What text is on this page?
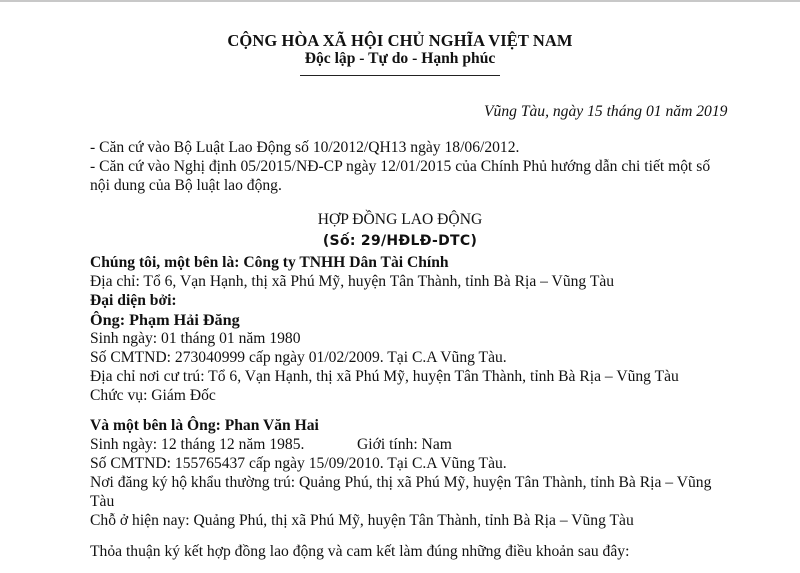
CỘNG HÒA XÃ HỘI CHỦ NGHĨA VIỆT NAM
Độc lập - Tự do - Hạnh phúc
Vũng Tàu, ngày 15 tháng 01 năm 2019
- Căn cứ vào Bộ Luật Lao Động số 10/2012/QH13 ngày 18/06/2012.
- Căn cứ vào Nghị định 05/2015/NĐ-CP ngày 12/01/2015 của Chính Phủ hướng dẫn chi tiết một số
nội dung của Bộ luật lao động.
HỢP ĐỒNG LAO ĐỘNG
(Số: 29/HĐLĐ-DTC)
Chúng tôi, một bên là: Công ty TNHH Dân Tài Chính
Địa chỉ: Tổ 6, Vạn Hạnh, thị xã Phú Mỹ, huyện Tân Thành, tỉnh Bà Rịa – Vũng Tàu
Đại diện bởi:
Ông: Phạm Hải Đăng
Sinh ngày: 01 tháng 01 năm 1980
Số CMTND: 273040999 cấp ngày 01/02/2009. Tại C.A Vũng Tàu.
Địa chỉ nơi cư trú: Tổ 6, Vạn Hạnh, thị xã Phú Mỹ, huyện Tân Thành, tỉnh Bà Rịa – Vũng Tàu
Chức vụ: Giám Đốc
Và một bên là Ông: Phan Văn Hai
Sinh ngày: 12 tháng 12 năm 1985.	Giới tính: Nam
Số CMTND: 155765437 cấp ngày 15/09/2010. Tại C.A Vũng Tàu.
Nơi đăng ký hộ khẩu thường trú: Quảng Phú, thị xã Phú Mỹ, huyện Tân Thành, tỉnh Bà Rịa – Vũng
Tàu
Chỗ ở hiện nay: Quảng Phú, thị xã Phú Mỹ, huyện Tân Thành, tỉnh Bà Rịa – Vũng Tàu
Thỏa thuận ký kết hợp đồng lao động và cam kết làm đúng những điều khoản sau đây:
